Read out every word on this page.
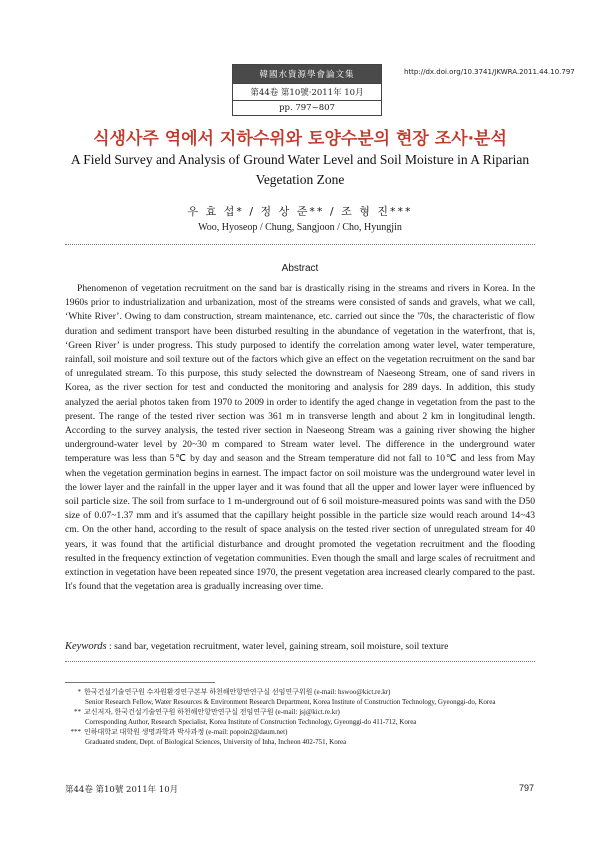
韓國水資源學會論文集
第44卷 第10號·2011年 10月
pp. 797~807
http://dx.doi.org/10.3741/JKWRA.2011.44.10.797
식생사주 역에서 지하수위와 토양수분의 현장 조사·분석
A Field Survey and Analysis of Ground Water Level and Soil Moisture in A Riparian Vegetation Zone
우 효 섭* / 정 상 준** / 조 형 진***
Woo, Hyoseop / Chung, Sangjoon / Cho, Hyungjin
Abstract
Phenomenon of vegetation recruitment on the sand bar is drastically rising in the streams and rivers in Korea. In the 1960s prior to industrialization and urbanization, most of the streams were consisted of sands and gravels, what we call, ‘White River’. Owing to dam construction, stream maintenance, etc. carried out since the '70s, the characteristic of flow duration and sediment transport have been disturbed resulting in the abundance of vegetation in the waterfront, that is, ‘Green River’ is under progress. This study purposed to identify the correlation among water level, water temperature, rainfall, soil moisture and soil texture out of the factors which give an effect on the vegetation recruitment on the sand bar of unregulated stream. To this purpose, this study selected the downstream of Naeseong Stream, one of sand rivers in Korea, as the river section for test and conducted the monitoring and analysis for 289 days. In addition, this study analyzed the aerial photos taken from 1970 to 2009 in order to identify the aged change in vegetation from the past to the present. The range of the tested river section was 361 m in transverse length and about 2 km in longitudinal length. According to the survey analysis, the tested river section in Naeseong Stream was a gaining river showing the higher underground-water level by 20~30 m compared to Stream water level. The difference in the underground water temperature was less than 5℃ by day and season and the Stream temperature did not fall to 10℃ and less from May when the vegetation germination begins in earnest. The impact factor on soil moisture was the underground water level in the lower layer and the rainfall in the upper layer and it was found that all the upper and lower layer were influenced by soil particle size. The soil from surface to 1 m-underground out of 6 soil moisture-measured points was sand with the D50 size of 0.07~1.37 mm and it's assumed that the capillary height possible in the particle size would reach around 14~43 cm. On the other hand, according to the result of space analysis on the tested river section of unregulated stream for 40 years, it was found that the artificial disturbance and drought promoted the vegetation recruitment and the flooding resulted in the frequency extinction of vegetation communities. Even though the small and large scales of recruitment and extinction in vegetation have been repeated since 1970, the present vegetation area increased clearly compared to the past. It's found that the vegetation area is gradually increasing over time.
Keywords : sand bar, vegetation recruitment, water level, gaining stream, soil moisture, soil texture
* 한국건설기술연구원 수자원환경연구본부 하천해안항만연구실 선임연구위원 (e-mail: hswoo@kict.re.kr)
Senior Research Fellow, Water Resources & Environment Research Department, Korea Institute of Construction Technology, Gyeonggi-do, Korea
** 교신저자, 한국건설기술연구원 하천해안항만연구실 전임연구원 (e-mail: jsj@kict.re.kr)
Corresponding Author, Research Specialist, Korea Institute of Construction Technology, Gyeonggi-do 411-712, Korea
*** 인하대학교 대학원 생명과학과 박사과정 (e-mail: popoin2@daum.net)
Graduated student, Dept. of Biological Sciences, University of Inha, Incheon 402-751, Korea
第44卷 第10號 2011年 10月	797
